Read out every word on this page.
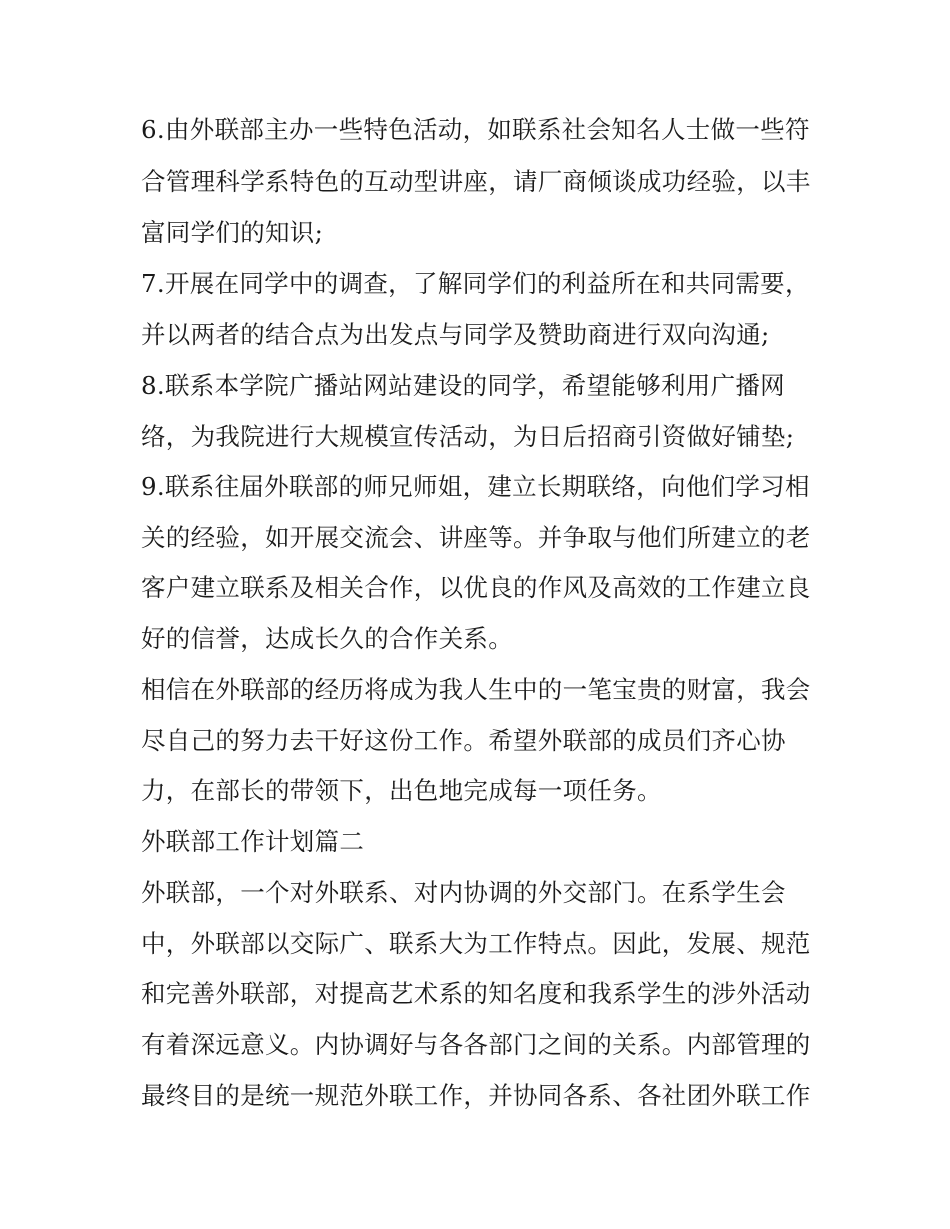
6.由外联部主办一些特色活动，如联系社会知名人士做一些符
合管理科学系特色的互动型讲座，请厂商倾谈成功经验，以丰
富同学们的知识;
7.开展在同学中的调查，了解同学们的利益所在和共同需要，
并以两者的结合点为出发点与同学及赞助商进行双向沟通;
8.联系本学院广播站网站建设的同学，希望能够利用广播网
络，为我院进行大规模宣传活动，为日后招商引资做好铺垫;
9.联系往届外联部的师兄师姐，建立长期联络，向他们学习相
关的经验，如开展交流会、讲座等。并争取与他们所建立的老
客户建立联系及相关合作，以优良的作风及高效的工作建立良
好的信誉，达成长久的合作关系。
相信在外联部的经历将成为我人生中的一笔宝贵的财富，我会
尽自己的努力去干好这份工作。希望外联部的成员们齐心协
力，在部长的带领下，出色地完成每一项任务。
外联部工作计划篇二
外联部，一个对外联系、对内协调的外交部门。在系学生会
中，外联部以交际广、联系大为工作特点。因此，发展、规范
和完善外联部，对提高艺术系的知名度和我系学生的涉外活动
有着深远意义。内协调好与各各部门之间的关系。内部管理的
最终目的是统一规范外联工作，并协同各系、各社团外联工作
